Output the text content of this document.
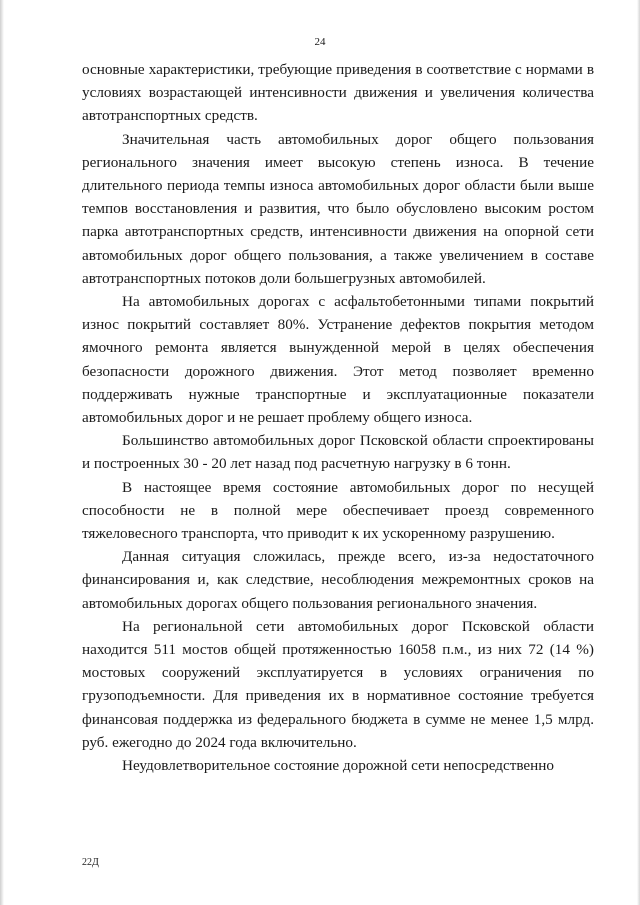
24

основные характеристики, требующие приведения в соответствие с нормами в условиях возрастающей интенсивности движения и увеличения количества автотранспортных средств.

Значительная часть автомобильных дорог общего пользования регионального значения имеет высокую степень износа. В течение длительного периода темпы износа автомобильных дорог области были выше темпов восстановления и развития, что было обусловлено высоким ростом парка автотранспортных средств, интенсивности движения на опорной сети автомобильных дорог общего пользования, а также увеличением в составе автотранспортных потоков доли большегрузных автомобилей.

На автомобильных дорогах с асфальтобетонными типами покрытий износ покрытий составляет 80%. Устранение дефектов покрытия методом ямочного ремонта является вынужденной мерой в целях обеспечения безопасности дорожного движения. Этот метод позволяет временно поддерживать нужные транспортные и эксплуатационные показатели автомобильных дорог и не решает проблему общего износа.

Большинство автомобильных дорог Псковской области спроектированы и построенных 30 - 20 лет назад под расчетную нагрузку в 6 тонн.

В настоящее время состояние автомобильных дорог по несущей способности не в полной мере обеспечивает проезд современного тяжеловесного транспорта, что приводит к их ускоренному разрушению.

Данная ситуация сложилась, прежде всего, из-за недостаточного финансирования и, как следствие, несоблюдения межремонтных сроков на автомобильных дорогах общего пользования регионального значения.

На региональной сети автомобильных дорог Псковской области находится 511 мостов общей протяженностью 16058 п.м., из них 72 (14 %) мостовых сооружений эксплуатируется в условиях ограничения по грузоподъемности. Для приведения их в нормативное состояние требуется финансовая поддержка из федерального бюджета в сумме не менее 1,5 млрд. руб. ежегодно до 2024 года включительно.

Неудовлетворительное состояние дорожной сети непосредственно

22Д
